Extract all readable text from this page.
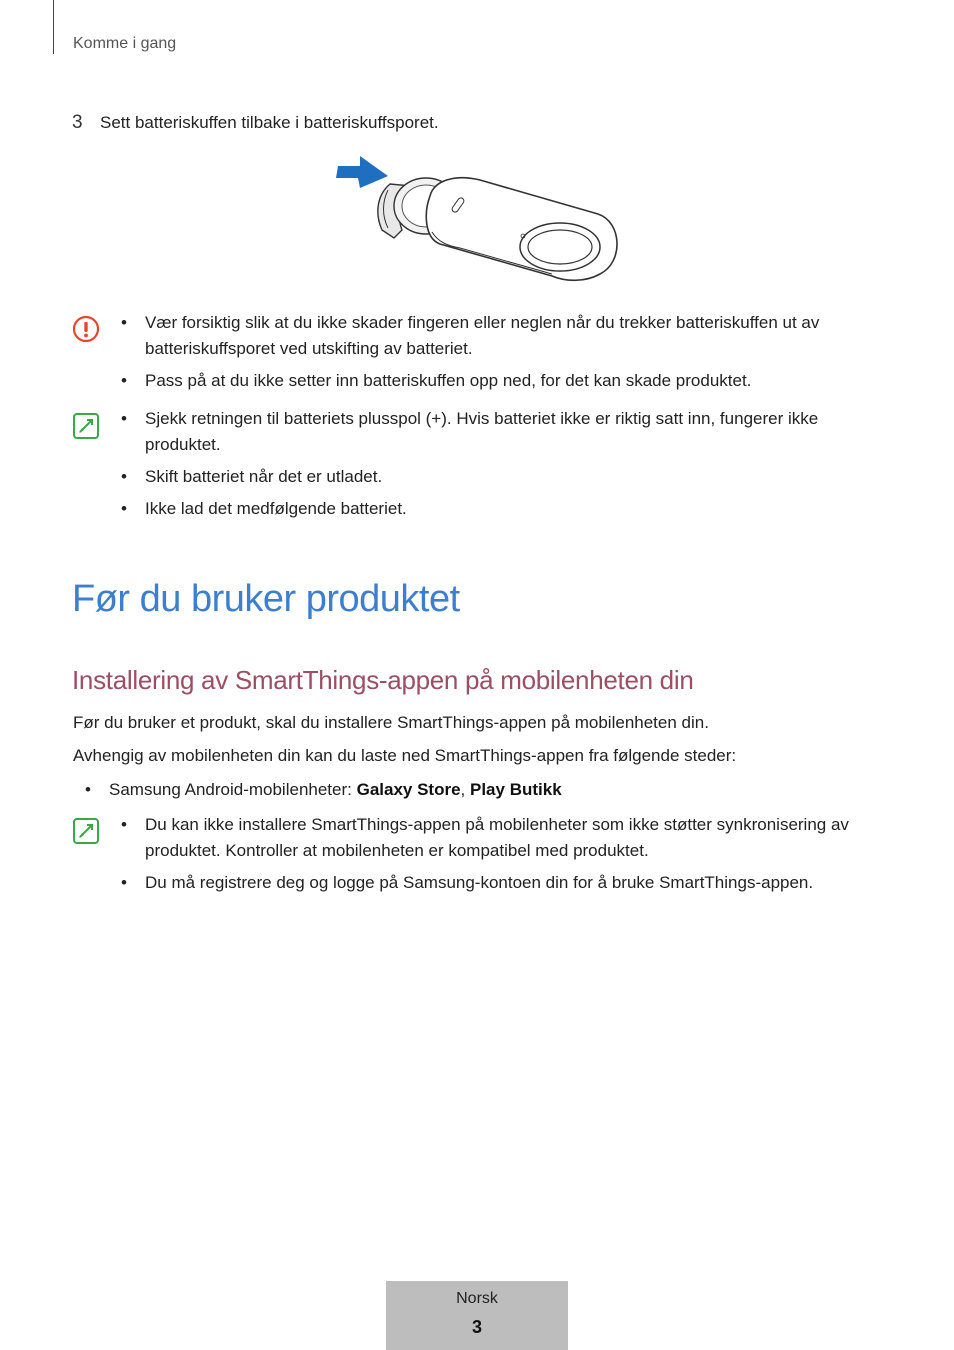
Komme i gang
3 Sett batteriskuffen tilbake i batteriskuffsporet.

• Vær forsiktig slik at du ikke skader fingeren eller neglen når du trekker batteriskuffen ut av batteriskuffsporet ved utskifting av batteriet.

• Pass på at du ikke setter inn batteriskuffen opp ned, for det kan skade produktet.

• Sjekk retningen til batteriets plusspol (+). Hvis batteriet ikke er riktig satt inn, fungerer ikke produktet.

• Skift batteriet når det er utladet.

• Ikke lad det medfølgende batteriet.

Før du bruker produktet
Installering av SmartThings-appen på mobilenheten din
Før du bruker et produkt, skal du installere SmartThings-appen på mobilenheten din.
Avhengig av mobilenheten din kan du laste ned SmartThings-appen fra følgende steder:
• Samsung Android-mobilenheter: Galaxy Store, Play Butikk

• Du kan ikke installere SmartThings-appen på mobilenheter som ikke støtter synkronisering av produktet. Kontroller at mobilenheten er kompatibel med produktet.

• Du må registrere deg og logge på Samsung-kontoen din for å bruke SmartThings-appen.

Norsk
3
